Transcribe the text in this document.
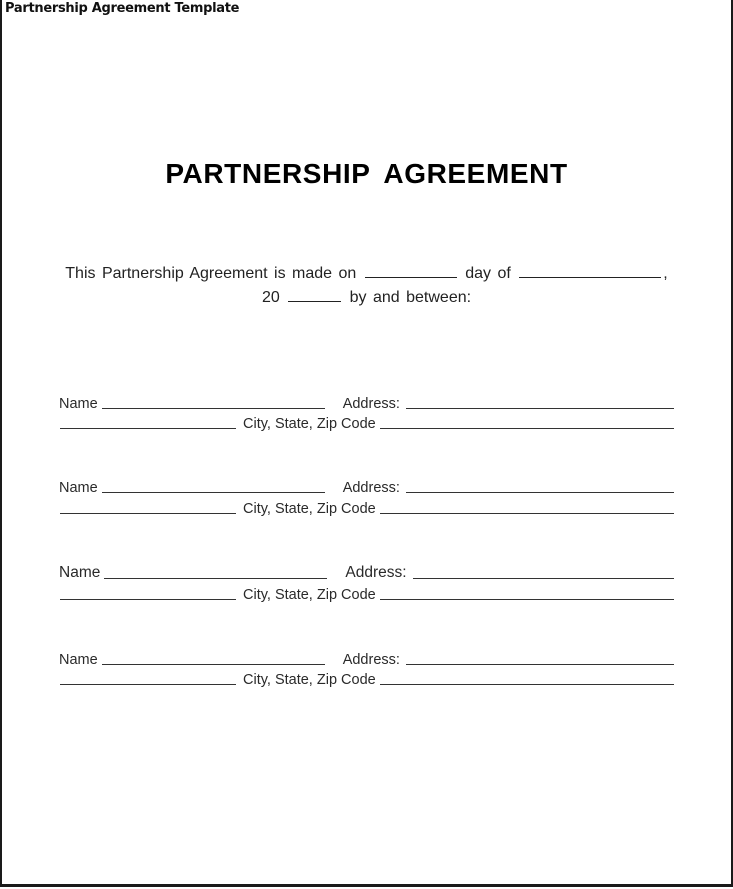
Partnership Agreement Template
PARTNERSHIP AGREEMENT
This Partnership Agreement is made on	day of	,
20	by and between:
Name	Address:
City, State, Zip Code
Name	Address:
City, State, Zip Code
Name	Address:
City, State, Zip Code
Name	Address:
City, State, Zip Code
